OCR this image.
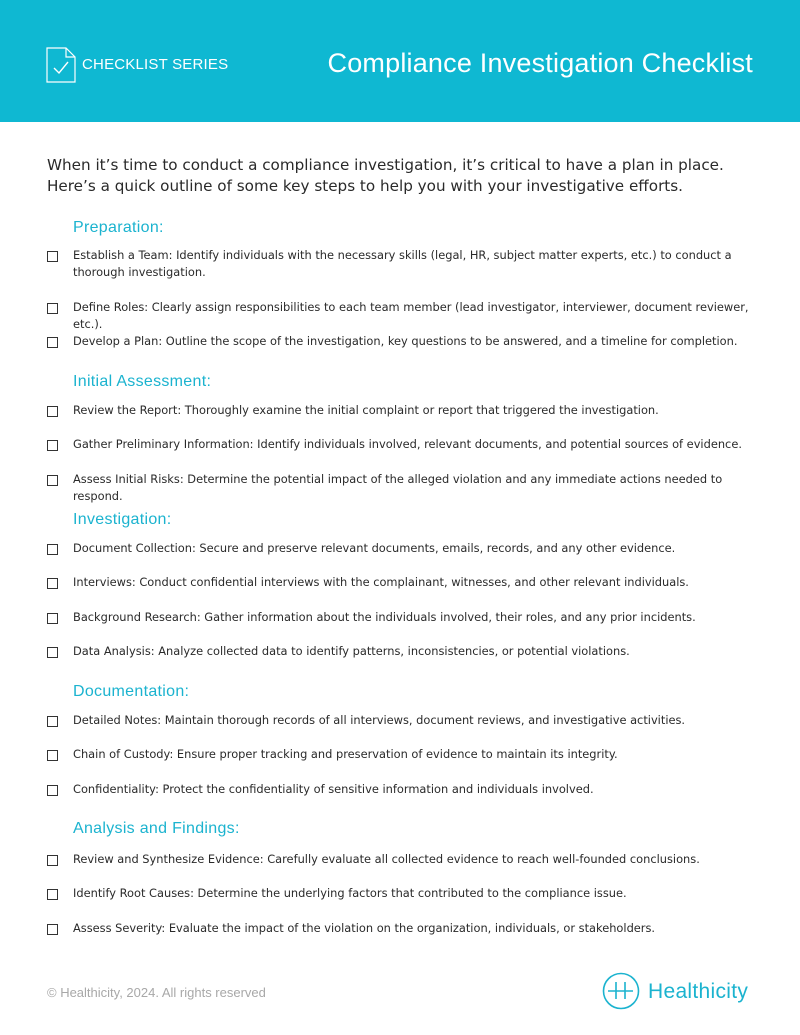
CHECKLIST SERIES	Compliance Investigation Checklist
When it’s time to conduct a compliance investigation, it’s critical to have a plan in place. Here’s a quick outline of some key steps to help you with your investigative efforts.
Preparation:
Establish a Team: Identify individuals with the necessary skills (legal, HR, subject matter experts, etc.) to conduct a thorough investigation.
Define Roles: Clearly assign responsibilities to each team member (lead investigator, interviewer, document reviewer, etc.).
Develop a Plan: Outline the scope of the investigation, key questions to be answered, and a timeline for completion.
Initial Assessment:
Review the Report: Thoroughly examine the initial complaint or report that triggered the investigation.
Gather Preliminary Information: Identify individuals involved, relevant documents, and potential sources of evidence.
Assess Initial Risks: Determine the potential impact of the alleged violation and any immediate actions needed to respond.
Investigation:
Document Collection: Secure and preserve relevant documents, emails, records, and any other evidence.
Interviews: Conduct confidential interviews with the complainant, witnesses, and other relevant individuals.
Background Research: Gather information about the individuals involved, their roles, and any prior incidents.
Data Analysis: Analyze collected data to identify patterns, inconsistencies, or potential violations.
Documentation:
Detailed Notes: Maintain thorough records of all interviews, document reviews, and investigative activities.
Chain of Custody: Ensure proper tracking and preservation of evidence to maintain its integrity.
Confidentiality: Protect the confidentiality of sensitive information and individuals involved.
Analysis and Findings:
Review and Synthesize Evidence: Carefully evaluate all collected evidence to reach well-founded conclusions.
Identify Root Causes: Determine the underlying factors that contributed to the compliance issue.
Assess Severity: Evaluate the impact of the violation on the organization, individuals, or stakeholders.
© Healthicity, 2024. All rights reserved	Healthicity
